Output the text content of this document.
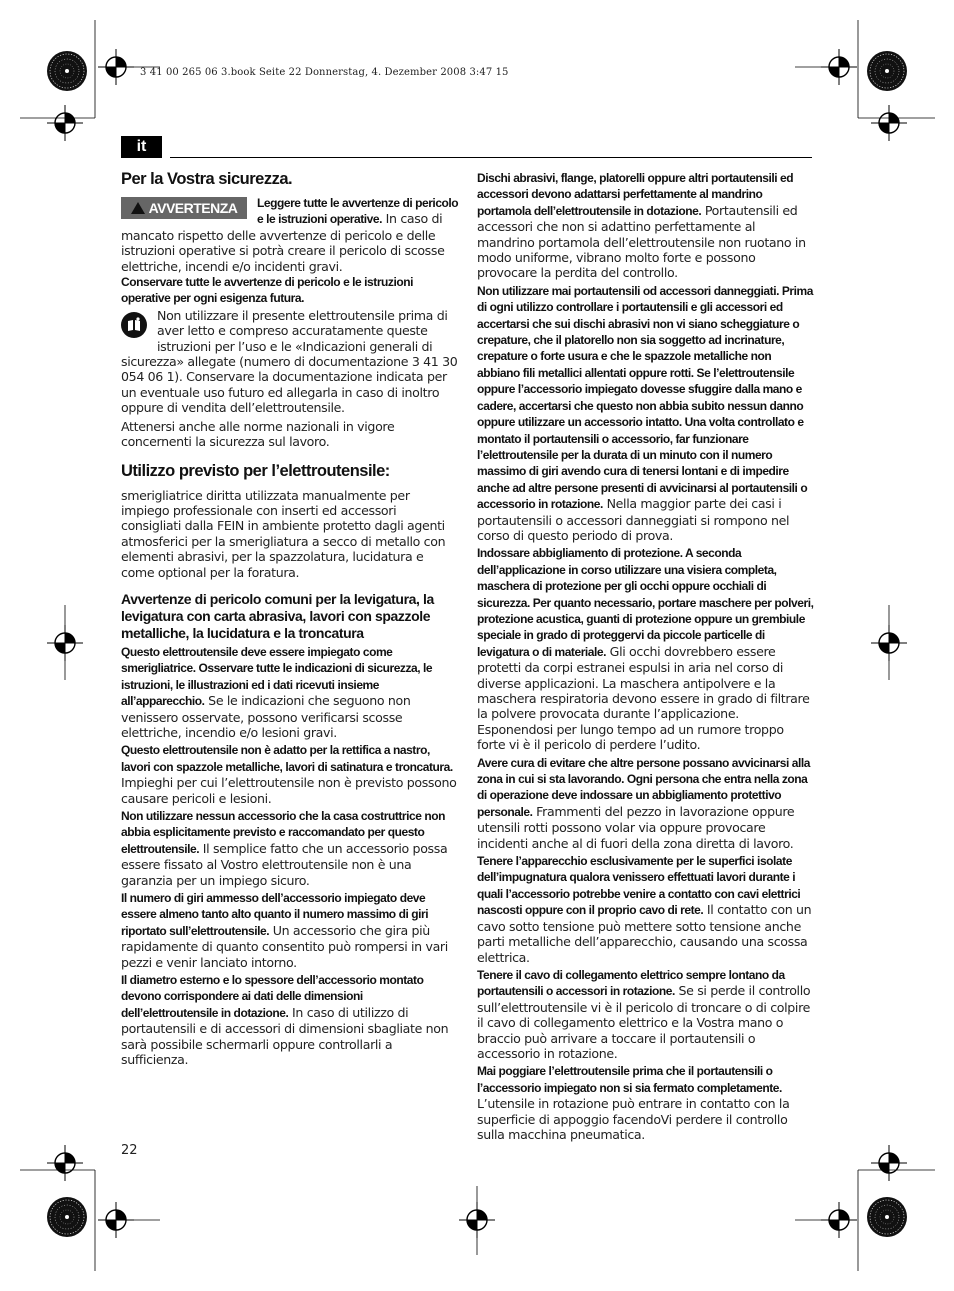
3 41 00 265 06 3.book Seite 22 Donnerstag, 4. Dezember 2008 3:47 15
it
Per la Vostra sicurezza.

AVVERTENZA Leggere tutte le avvertenze di pericolo e le istruzioni operative. In caso di mancato rispetto delle avvertenze di pericolo e delle istruzioni operative si potrà creare il pericolo di scosse elettriche, incendi e/o incidenti gravi.

Conservare tutte le avvertenze di pericolo e le istruzioni operative per ogni esigenza futura.

Non utilizzare il presente elettroutensile prima di aver letto e compreso accuratamente queste istruzioni per l’uso e le «Indicazioni generali di sicurezza» allegate (numero di documentazione 3 41 30 054 06 1). Conservare la documentazione indicata per un eventuale uso futuro ed allegarla in caso di inoltro oppure di vendita dell’elettroutensile.

Attenersi anche alle norme nazionali in vigore concernenti la sicurezza sul lavoro.

Utilizzo previsto per l’elettroutensile:

smerigliatrice diritta utilizzata manualmente per impiego professionale con inserti ed accessori consigliati dalla FEIN in ambiente protetto dagli agenti atmosferici per la smerigliatura a secco di metallo con elementi abrasivi, per la spazzolatura, lucidatura e come optional per la foratura.

Avvertenze di pericolo comuni per la levigatura, la levigatura con carta abrasiva, lavori con spazzole metalliche, la lucidatura e la troncatura

Questo elettroutensile deve essere impiegato come smerigliatrice. Osservare tutte le indicazioni di sicurezza, le istruzioni, le illustrazioni ed i dati ricevuti insieme all’apparecchio. Se le indicazioni che seguono non venissero osservate, possono verificarsi scosse elettriche, incendio e/o lesioni gravi.

Questo elettroutensile non è adatto per la rettifica a nastro, lavori con spazzole metalliche, lavori di satinatura e troncatura. Impieghi per cui l’elettroutensile non è previsto possono causare pericoli e lesioni.

Non utilizzare nessun accessorio che la casa costruttrice non abbia esplicitamente previsto e raccomandato per questo elettroutensile. Il semplice fatto che un accessorio possa essere fissato al Vostro elettroutensile non è una garanzia per un impiego sicuro.

Il numero di giri ammesso dell’accessorio impiegato deve essere almeno tanto alto quanto il numero massimo di giri riportato sull’elettroutensile. Un accessorio che gira più rapidamente di quanto consentito può rompersi in vari pezzi e venir lanciato intorno.

Il diametro esterno e lo spessore dell’accessorio montato devono corrispondere ai dati delle dimensioni dell’elettroutensile in dotazione. In caso di utilizzo di portautensili e di accessori di dimensioni sbagliate non sarà possibile schermarli oppure controllarli a sufficienza.

Dischi abrasivi, flange, platorelli oppure altri portautensili ed accessori devono adattarsi perfettamente al mandrino portamola dell’elettroutensile in dotazione. Portautensili ed accessori che non si adattino perfettamente al mandrino portamola dell’elettroutensile non ruotano in modo uniforme, vibrano molto forte e possono provocare la perdita del controllo.

Non utilizzare mai portautensili od accessori danneggiati. Prima di ogni utilizzo controllare i portautensili e gli accessori ed accertarsi che sui dischi abrasivi non vi siano scheggiature o crepature, che il platorello non sia soggetto ad incrinature, crepature o forte usura e che le spazzole metalliche non abbiano fili metallici allentati oppure rotti. Se l’elettroutensile oppure l’accessorio impiegato dovesse sfuggire dalla mano e cadere, accertarsi che questo non abbia subito nessun danno oppure utilizzare un accessorio intatto. Una volta controllato e montato il portautensili o accessorio, far funzionare l’elettroutensile per la durata di un minuto con il numero massimo di giri avendo cura di tenersi lontani e di impedire anche ad altre persone presenti di avvicinarsi al portautensili o accessorio in rotazione. Nella maggior parte dei casi i portautensili o accessori danneggiati si rompono nel corso di questo periodo di prova.

Indossare abbigliamento di protezione. A seconda dell’applicazione in corso utilizzare una visiera completa, maschera di protezione per gli occhi oppure occhiali di sicurezza. Per quanto necessario, portare maschere per polveri, protezione acustica, guanti di protezione oppure un grembiule speciale in grado di proteggervi da piccole particelle di levigatura o di materiale. Gli occhi dovrebbero essere protetti da corpi estranei espulsi in aria nel corso di diverse applicazioni. La maschera antipolvere e la maschera respiratoria devono essere in grado di filtrare la polvere provocata durante l’applicazione. Esponendosi per lungo tempo ad un rumore troppo forte vi è il pericolo di perdere l’udito.

Avere cura di evitare che altre persone possano avvicinarsi alla zona in cui si sta lavorando. Ogni persona che entra nella zona di operazione deve indossare un abbigliamento protettivo personale. Frammenti del pezzo in lavorazione oppure utensili rotti possono volar via oppure provocare incidenti anche al di fuori della zona diretta di lavoro.

Tenere l’apparecchio esclusivamente per le superfici isolate dell’impugnatura qualora venissero effettuati lavori durante i quali l’accessorio potrebbe venire a contatto con cavi elettrici nascosti oppure con il proprio cavo di rete. Il contatto con un cavo sotto tensione può mettere sotto tensione anche parti metalliche dell’apparecchio, causando una scossa elettrica.

Tenere il cavo di collegamento elettrico sempre lontano da portautensili o accessori in rotazione. Se si perde il controllo sull’elettroutensile vi è il pericolo di troncare o di colpire il cavo di collegamento elettrico e la Vostra mano o braccio può arrivare a toccare il portautensili o accessorio in rotazione.

Mai poggiare l’elettroutensile prima che il portautensili o l’accessorio impiegato non si sia fermato completamente. L’utensile in rotazione può entrare in contatto con la superficie di appoggio facendoVi perdere il controllo sulla macchina pneumatica.

22
